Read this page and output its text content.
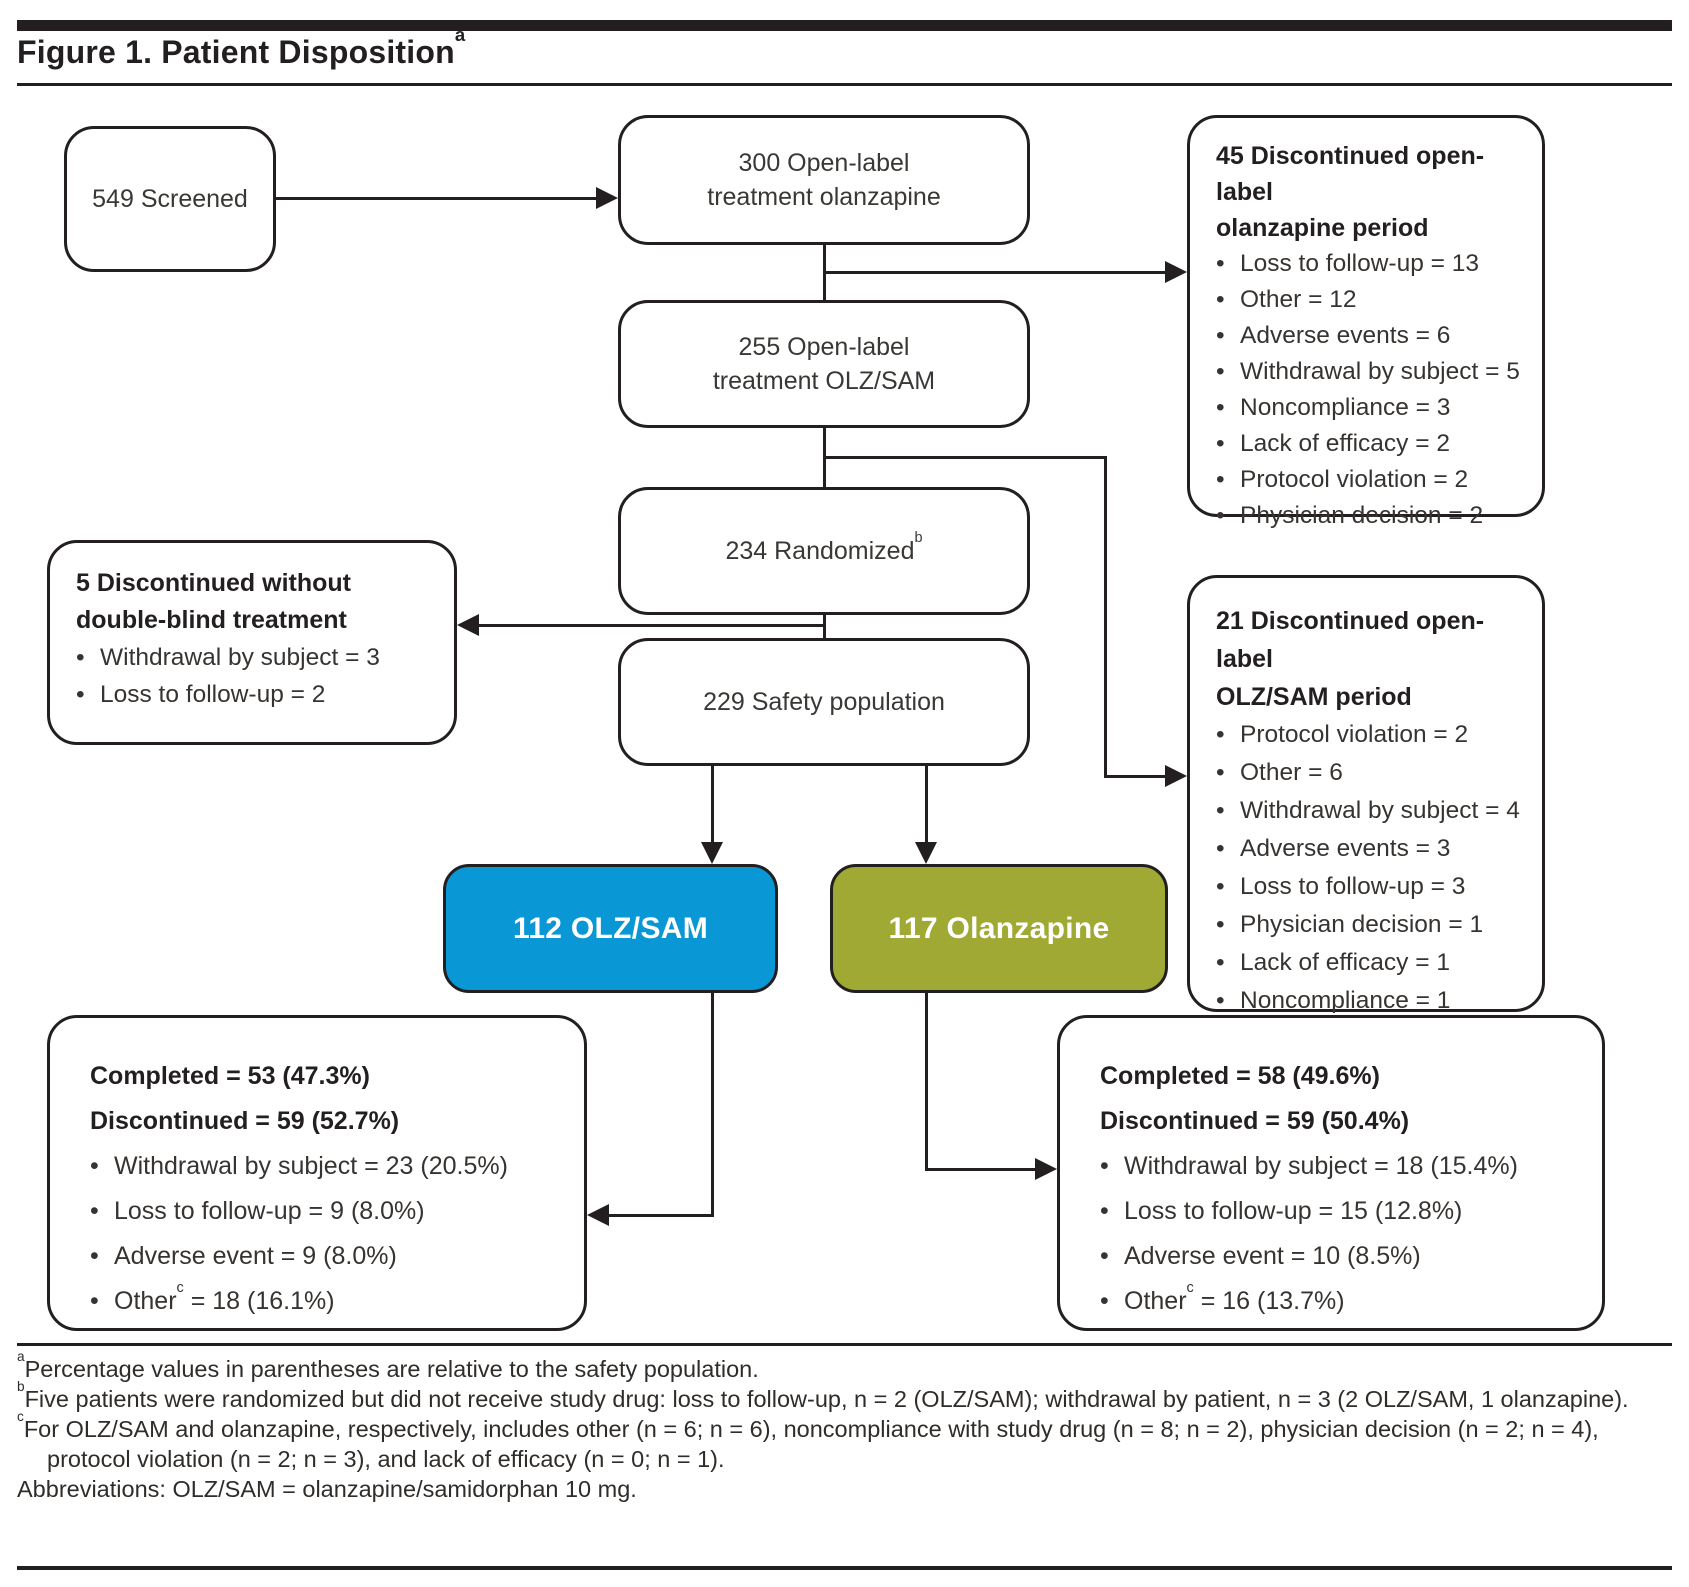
Figure 1. Patient Disposition$^a$
549 Screened
300 Open-label
treatment olanzapine
255 Open-label
treatment OLZ/SAM
234 Randomized$^b$
229 Safety population
45 Discontinued open-label
olanzapine period
• Loss to follow-up = 13
• Other = 12
• Adverse events = 6
• Withdrawal by subject = 5
• Noncompliance = 3
• Lack of efficacy = 2
• Protocol violation = 2
• Physician decision = 2
21 Discontinued open-label
OLZ/SAM period
• Protocol violation = 2
• Other = 6
• Withdrawal by subject = 4
• Adverse events = 3
• Loss to follow-up = 3
• Physician decision = 1
• Lack of efficacy = 1
• Noncompliance = 1
5 Discontinued without
double-blind treatment
• Withdrawal by subject = 3
• Loss to follow-up = 2
112 OLZ/SAM	117 Olanzapine
Completed = 53 (47.3%)
Discontinued = 59 (52.7%)
• Withdrawal by subject = 23 (20.5%)
• Loss to follow-up = 9 (8.0%)
• Adverse event = 9 (8.0%)
• Other$^c$ = 18 (16.1%)
Completed = 58 (49.6%)
Discontinued = 59 (50.4%)
• Withdrawal by subject = 18 (15.4%)
• Loss to follow-up = 15 (12.8%)
• Adverse event = 10 (8.5%)
• Other$^c$ = 16 (13.7%)
$^a$Percentage values in parentheses are relative to the safety population.
$^b$Five patients were randomized but did not receive study drug: loss to follow-up, n = 2 (OLZ/SAM); withdrawal by patient, n = 3 (2 OLZ/SAM, 1 olanzapine).
$^c$For OLZ/SAM and olanzapine, respectively, includes other (n = 6; n = 6), noncompliance with study drug (n = 8; n = 2), physician decision (n = 2; n = 4), protocol violation (n = 2; n = 3), and lack of efficacy (n = 0; n = 1).
Abbreviations: OLZ/SAM = olanzapine/samidorphan 10 mg.
